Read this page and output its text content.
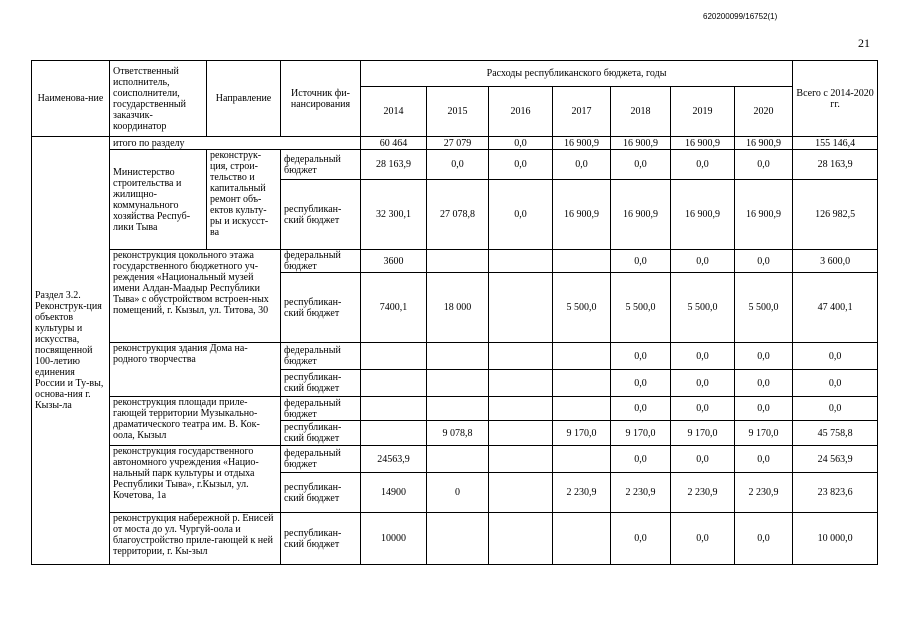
620200099/16752(1)
21
Наименова-ние	Ответственный исполнитель, соисполнители, государственный заказчик-координатор	Направление	Источник фи-нансирования	Расходы республиканского бюджета, годы							Всего с 2014-2020 гг.
				2014	2015	2016	2017	2018	2019	2020	
Раздел 3.2. Реконструк-ция объектов культуры и искусства, посвященной 100-летию единения России и Ту-вы, основа-ния г. Кызы-ла	итого по разделу			60 464	27 079	0,0	16 900,9	16 900,9	16 900,9	16 900,9	155 146,4
	Министерство строительства и жилищно-коммунального хозяйства Респуб-лики Тыва	реконструк-ция, строи-тельство и капитальный ремонт объ-ектов культу-ры и искусст-ва	федеральный бюджет	28 163,9	0,0	0,0	0,0	0,0	0,0	0,0	28 163,9
			республикан-ский бюджет	32 300,1	27 078,8	0,0	16 900,9	16 900,9	16 900,9	16 900,9	126 982,5
	реконструкция цокольного этажа государственного бюджетного уч-реждения «Национальный музей имени Алдан-Маадыр Республики Тыва» с обустройством встроен-ных помещений, г. Кызыл, ул. Титова, 30		федеральный бюджет	3600				0,0	0,0	0,0	3 600,0
			республикан-ский бюджет	7400,1	18 000		5 500,0	5 500,0	5 500,0	5 500,0	47 400,1
	реконструкция здания Дома на-родного творчества		федеральный бюджет					0,0	0,0	0,0	0,0
			республикан-ский бюджет					0,0	0,0	0,0	0,0
	реконструкция площади приле-гающей территории Музыкально-драматического театра им. В. Кок-оола, Кызыл		федеральный бюджет					0,0	0,0	0,0	0,0
			республикан-ский бюджет		9 078,8		9 170,0	9 170,0	9 170,0	9 170,0	45 758,8
	реконструкция государственного автономного учреждения «Нацио-нальный парк культуры и отдыха Республики Тыва», г.Кызыл, ул. Кочетова, 1а		федеральный бюджет	24563,9				0,0	0,0	0,0	24 563,9
			республикан-ский бюджет	14900	0		2 230,9	2 230,9	2 230,9	2 230,9	23 823,6
	реконструкция набережной р. Енисей от моста до ул. Чургуй-оола и благоустройство приле-гающей к ней территории, г. Кы-зыл		республикан-ский бюджет	10000				0,0	0,0	0,0	10 000,0
